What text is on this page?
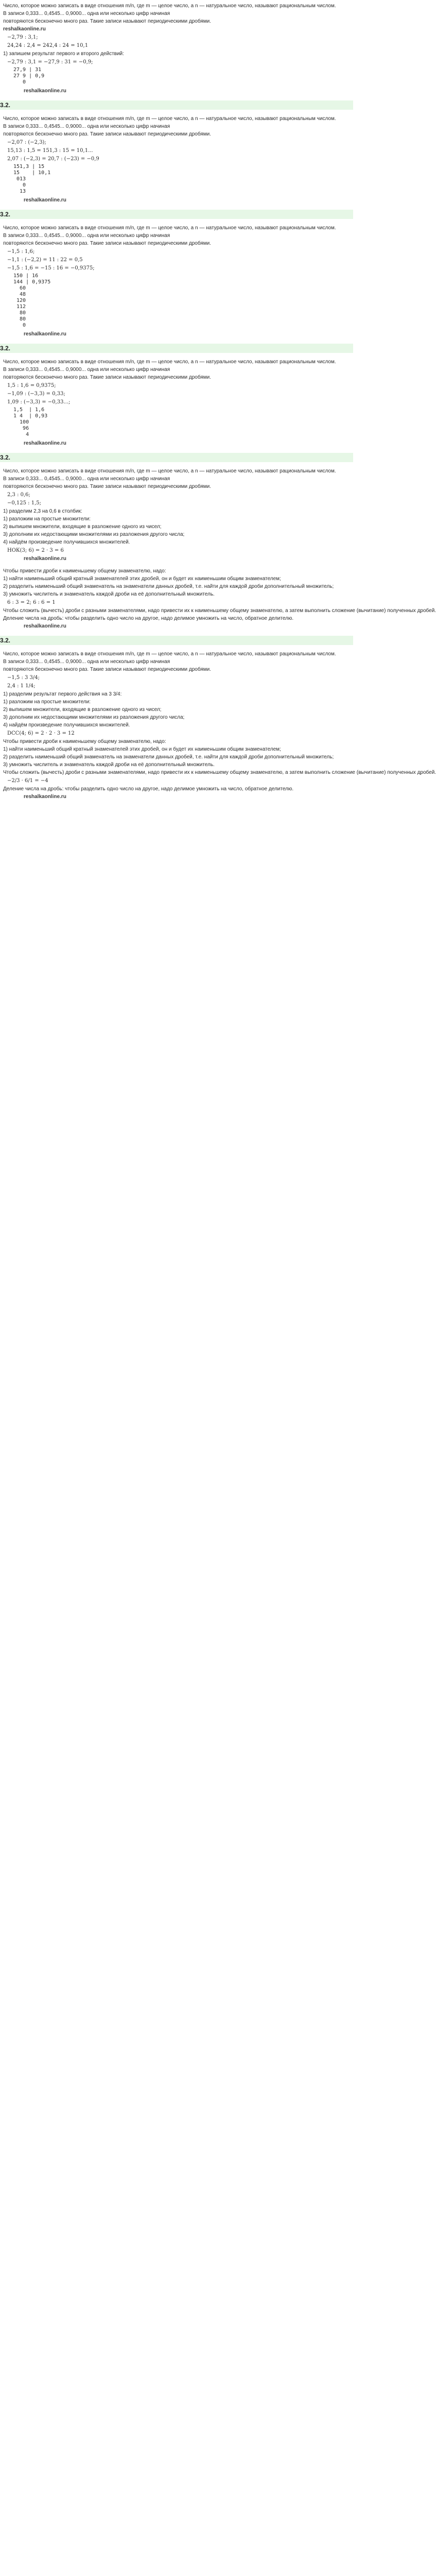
Число, которое можно записать в виде отношения m/n, где m — целое число, а n — натуральное число, называют рациональным числом.
В записи 0,333... 0,4545... 0,9000... одна или несколько цифр начиная
повторяются бесконечно много раз. Такие записи называют периодическими дробями.
reshalkaonline.ru
−2,79 : 3,1;
24,24 : 2,4 = 242,4 : 24 = 10,1
1) запишем результат первого и второго действий:
−2,79 : 3,1 = −27,9 : 31 = −0,9;
27,9 | 31
27 9 | 0,9
0
reshalkaonline.ru
3.2.
Число, которое можно записать в виде отношения m/n, где m — целое число, а n — натуральное число, называют рациональным числом.
В записи 0,333... 0,4545... 0,9000... одна или несколько цифр начиная
повторяются бесконечно много раз. Такие записи называют периодическими дробями.
−2,07 : (−2,3);
15,13 : 1,5 = 151,3 : 15 = 10,1...
2,07 : (−2,3) = 20,7 : (−23) = −0,9
151,3 | 15
15    | 10,1
013
0
13
reshalkaonline.ru
3.2.
Число, которое можно записать в виде отношения m/n, где m — целое число, а n — натуральное число, называют рациональным числом.
В записи 0,333... 0,4545... 0,9000... одна или несколько цифр начиная
повторяются бесконечно много раз. Такие записи называют периодическими дробями.
−1,5 : 1,6;
−1,1 : (−2,2) = 11 : 22 = 0,5
−1,5 : 1,6 = −15 : 16 = −0,9375;
150 | 16
144 | 0,9375
60
48
120
112
80
80
0
reshalkaonline.ru
3.2.
Число, которое можно записать в виде отношения m/n, где m — целое число, а n — натуральное число, называют рациональным числом.
В записи 0,333... 0,4545... 0,9000... одна или несколько цифр начиная
повторяются бесконечно много раз. Такие записи называют периодическими дробями.
1,5 : 1,6 = 0,9375;
−1,09 : (−3,3) = 0,33;
1,09 : (−3,3) = −0,33...;
1,5  | 1,6
1 4  | 0,93
100
96
4
reshalkaonline.ru
3.2.
Число, которое можно записать в виде отношения m/n, где m — целое число, а n — натуральное число, называют рациональным числом.
В записи 0,333... 0,4545... 0,9000... одна или несколько цифр начиная
повторяются бесконечно много раз. Такие записи называют периодическими дробями.
2,3 : 0,6;
−0,125 : 1,5;
1) разделим 2,3 на 0,6 в столбик:
1) разложим на простые множители:
2) выпишем множители, входящие в разложение одного из чисел;
3) дополним их недостающими множителями из разложения другого числа;
4) найдём произведение получившихся множителей.
НОК(3; 6) = 2 · 3 = 6
reshalkaonline.ru
Чтобы привести дроби к наименьшему общему знаменателю, надо:
1) найти наименьший общий кратный знаменателей этих дробей, он и будет их наименьшим общим знаменателем;
2) разделить наименьший общий знаменатель на знаменатели данных дробей, т.е. найти для каждой дроби дополнительный множитель;
3) умножить числитель и знаменатель каждой дроби на её дополнительный множитель.
6 : 3 = 2; 6 : 6 = 1
Чтобы сложить (вычесть) дроби с разными знаменателями, надо привести их к наименьшему общему знаменателю, а затем выполнить сложение (вычитание) полученных дробей.
Деление числа на дробь: чтобы разделить одно число на другое, надо делимое умножить на число, обратное делителю.
reshalkaonline.ru
3.2.
Число, которое можно записать в виде отношения m/n, где m — целое число, а n — натуральное число, называют рациональным числом.
В записи 0,333... 0,4545... 0,9000... одна или несколько цифр начиная
повторяются бесконечно много раз. Такие записи называют периодическими дробями.
−1,5 : 3 3/4;
2,4 : 1 1/4;
1) разделим результат первого действия на 3 3/4:
1) разложим на простые множители:
2) выпишем множители, входящие в разложение одного из чисел;
3) дополним их недостающими множителями из разложения другого числа;
4) найдём произведение получившихся множителей.
DCC(4; 6) = 2 · 2 · 3 = 12
Чтобы привести дроби к наименьшему общему знаменателю, надо:
1) найти наименьший общий кратный знаменателей этих дробей, он и будет их наименьшим общим знаменателем;
2) разделить наименьший общий знаменатель на знаменатели данных дробей, т.е. найти для каждой дроби дополнительный множитель;
3) умножить числитель и знаменатель каждой дроби на её дополнительный множитель.
Чтобы сложить (вычесть) дроби с разными знаменателями, надо привести их к наименьшему общему знаменателю, а затем выполнить сложение (вычитание) полученных дробей.
−2/3 · 6/1 = −4
Деление числа на дробь: чтобы разделить одно число на другое, надо делимое умножить на число, обратное делителю.
reshalkaonline.ru
